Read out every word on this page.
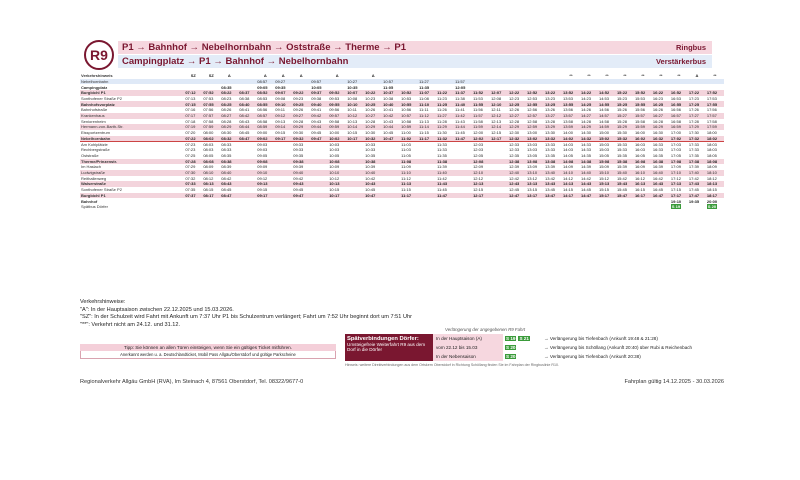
R9	P1 → Bahnhof → Nebelhornbahn → Oststraße → Therme → P1	Ringbus
Campingplatz → P1 → Bahnhof → Nebelhornbahn	Verstärkerbus
Verkehrshinweis	SZ	SZ	A		A	A	A		A		A											**	**	**	**	**	**	**	A	**
Nebelhornbahn					08:57	09:27		09:57		10:27		10:57		11:27		11:57														
Campingplatz			08:35		09:05	09:35		10:05		10:35		11:05		11:35		12:05														
Burgbichl P1	07:12	07:52	08:22	08:37	08:52	09:07	09:22	09:37	09:52	10:07	10:22	10:37	10:52	11:07	11:22	11:37	11:52	12:07	12:22	12:52	13:22	13:52	14:22	14:52	15:22	15:52	16:22	16:52	17:22	17:52
Sonthofener Straße P2	07:13	07:53	08:23	08:38	08:53	09:08	09:23	09:38	09:53	10:08	10:23	10:38	10:53	11:08	11:23	11:38	11:53	12:08	12:23	12:53	13:23	13:53	14:23	14:53	15:23	15:53	16:23	16:53	17:23	17:53
Bahnhofsvorplatz	07:15	07:55	08:25	08:40	08:55	09:10	09:25	09:40	09:55	10:10	10:25	10:40	10:55	11:10	11:25	11:40	11:55	12:10	12:25	12:55	13:25	13:55	14:25	14:55	15:25	15:55	16:25	16:55	17:25	17:55
Bahnhofstraße	07:16	07:56	08:26	08:41	08:56	09:11	09:26	09:41	09:56	10:11	10:26	10:41	10:56	11:11	11:26	11:41	11:56	12:11	12:26	12:56	13:26	13:56	14:26	14:56	15:26	15:56	16:26	16:56	17:26	17:56
Krankenhaus	07:17	07:57	08:27	08:42	08:57	09:12	09:27	09:42	09:57	10:12	10:27	10:42	10:57	11:12	11:27	11:42	11:57	12:12	12:27	12:57	13:27	13:57	14:27	14:57	15:27	15:57	16:27	16:57	17:27	17:57
Seniorenheim	07:18	07:58	08:28	08:43	08:58	09:13	09:28	09:43	09:58	10:13	10:28	10:43	10:58	11:13	11:28	11:43	11:58	12:13	12:28	12:58	13:28	13:58	14:28	14:58	15:28	15:58	16:28	16:58	17:28	17:58
Hermann-von-Barth-Str.	07:19	07:59	08:29	08:44	08:59	09:14	09:29	09:44	09:59	10:14	10:29	10:44	10:59	11:14	11:29	11:44	11:59	12:14	12:29	12:59	13:29	13:59	14:29	14:59	15:29	15:59	16:29	16:59	17:29	17:59
Eissportzentrum	07:20	08:00	08:30	08:45	09:00	09:15	09:30	09:45	10:00	10:15	10:30	10:45	11:00	11:15	11:30	11:45	12:00	12:15	12:30	13:00	13:30	14:00	14:30	15:00	15:30	16:00	16:30	17:00	17:30	18:00
Nebelhornbahn	07:22	08:02	08:32	08:47	09:02	09:17	09:32	09:47	10:02	10:17	10:32	10:47	11:02	11:17	11:32	11:47	12:02	12:17	12:32	13:02	13:32	14:02	14:32	15:02	15:32	16:02	16:32	17:02	17:32	18:02
Am Kohlplätzle	07:23	08:03	08:33		09:03		09:33		10:03		10:33		11:03		11:33		12:03		12:33	13:03	13:33	14:03	14:33	15:03	15:33	16:03	16:33	17:03	17:33	18:03
Rechbergstraße	07:23	08:03	08:33		09:03		09:33		10:03		10:33		11:03		11:33		12:03		12:33	13:03	13:33	14:03	14:33	15:03	15:33	16:03	16:33	17:03	17:33	18:03
Oststraße	07:25	08:05	08:35		09:05		09:35		10:05		10:35		11:05		11:35		12:05		12:35	13:05	13:35	14:05	14:35	15:05	15:35	16:05	16:35	17:05	17:35	18:05
Therme/Prinzenstr.	07:28	08:08	08:38		09:08		09:38		10:08		10:38		11:08		11:38		12:08		12:38	13:08	13:38	14:08	14:38	15:08	15:38	16:08	16:38	17:08	17:38	18:08
Im Haslach	07:29	08:09	08:39		09:09		09:39		10:09		10:39		11:09		11:39		12:09		12:39	13:09	13:39	14:09	14:39	15:09	15:39	16:09	16:39	17:09	17:39	18:09
Ludwigstraße	07:30	08:10	08:40		09:10		09:40		10:10		10:40		11:10		11:40		12:10		12:40	13:10	13:40	14:10	14:40	15:10	15:40	16:10	16:40	17:10	17:40	18:10
Reithallenweg	07:32	08:12	08:42		09:12		09:42		10:12		10:42		11:12		11:42		12:12		12:42	13:12	13:42	14:12	14:42	15:12	15:42	16:12	16:42	17:12	17:42	18:12
Walserstraße	07:33	08:13	08:43		09:13		09:43		10:13		10:43		11:13		11:43		12:13		12:43	13:13	13:43	14:13	14:43	15:13	15:43	16:13	16:43	17:13	17:43	18:13
Sonthofener Straße P2	07:35	08:15	08:45		09:15		09:45		10:15		10:45		11:15		11:45		12:15		12:45	13:15	13:45	14:15	14:45	15:15	15:45	16:15	16:45	17:15	17:45	18:15
Burgbichl P1	07:37	08:17	08:47		09:17		09:47		10:17		10:47		11:17		11:47		12:17		12:47	13:17	13:47	14:17	14:47	15:17	15:47	16:17	16:47	17:17	17:47	18:17
Bahnhof																												19:10	19:35	20:00
Spätbus Dörfer																												S 19		S 20
Verkehrshinweise:
"A": In der Hauptsaison zwischen 22.12.2025 und 15.03.2026.
"SZ": In der Schulzeit wird Fahrt mit Ankunft um 7:37 Uhr P1 bis Schulzentrum verlängert; Fahrt um 7:52 Uhr beginnt dort um 7:51 Uhr
"**": Verkehrt nicht am 24.12. und 31.12.
Tipp: Sie können an allen Türen einsteigen, wenn Sie ein gültiges Ticket mitführen.
Anerkannt werden u. a. Deutschlandticket, Mobil Pass Allgäu/Oberstdorf und gültige Parkscheine
Verlängerung der angegebenen R9 Fahrt
Spätverbindungen Dörfer:
Umsteigefreie Weiterfahrt R9 aus dem Dorf in die Dörfer
In der Hauptsaison (A)	S 19 S 21	→ Verlängerung bis Tiefenbach (Ankunft 19:48 & 21:28)
vom 22.12 bis 15.03	S 20	→ Verlängerung bis Schöllang (Ankunft 20:40) über Rubi & Reichenbach
In der Nebensaison	S 20	→ Verlängerung bis Tiefenbach (Ankunft 20:38)
Hinweis: weitere Direktverbindungen aus dem Ortskern Oberstdorf in Richtung Schöllang finden Sie im Fahrplan der Ringbuslinie R10.
Regionalverkehr Allgäu GmbH (RVA), Im Steinach 4, 87561 Oberstdorf, Tel. 08322/9677-0	Fahrplan gültig 14.12.2025 - 30.03.2026
